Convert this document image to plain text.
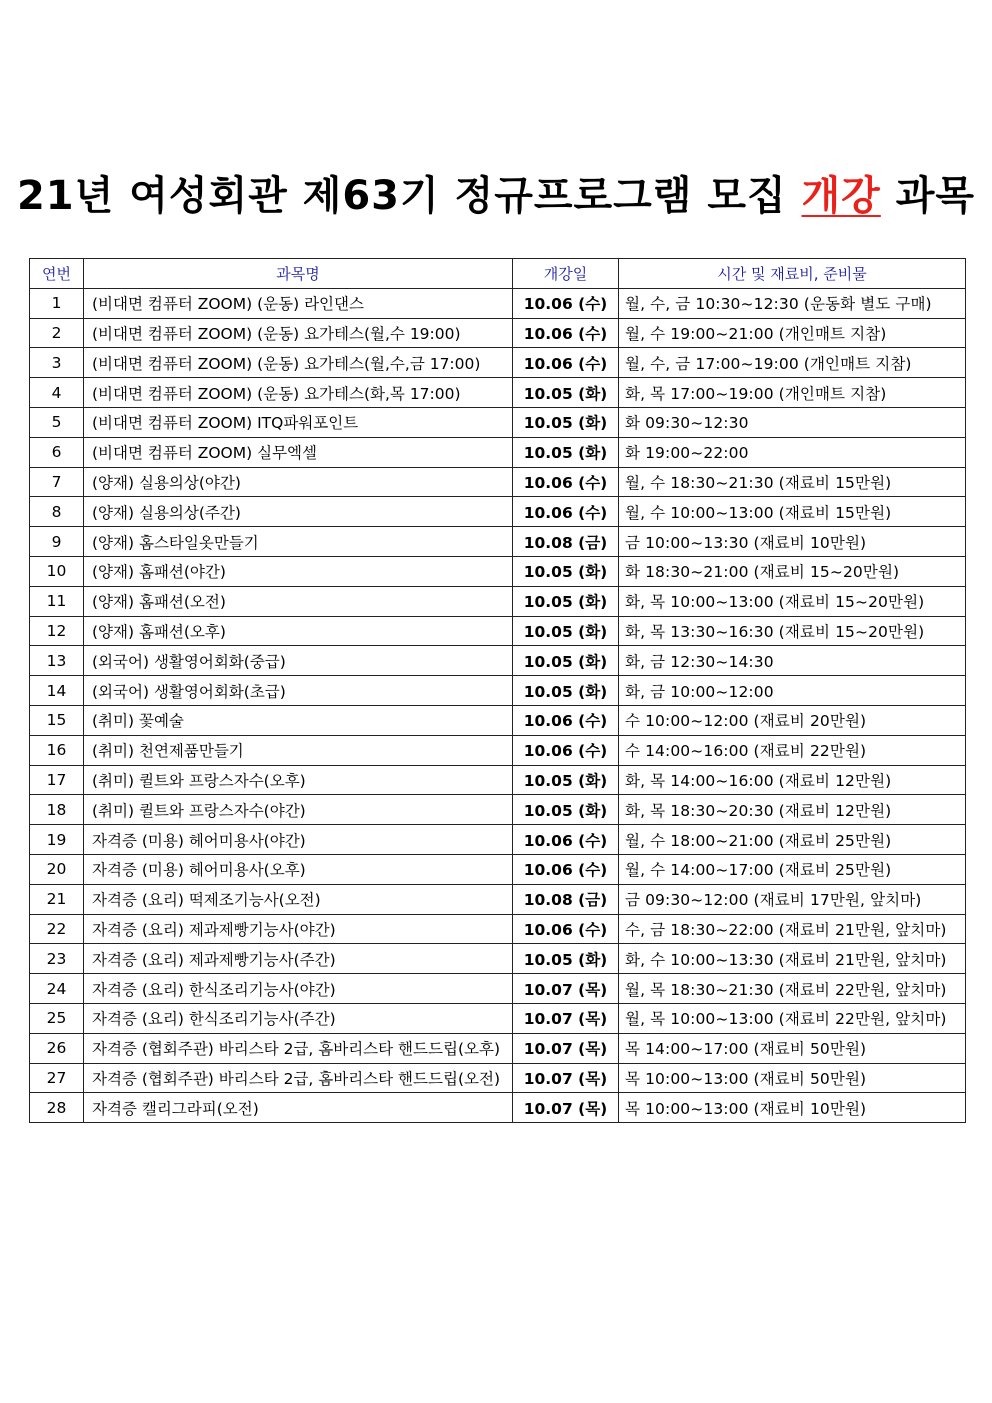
21년 여성회관 제63기 정규프로그램 모집 개강 과목
연번	과목명	개강일	시간 및 재료비, 준비물
1	(비대면 컴퓨터 ZOOM) (운동) 라인댄스	10.06 (수)	월, 수, 금 10:30~12:30 (운동화 별도 구매)
2	(비대면 컴퓨터 ZOOM) (운동) 요가테스(월,수 19:00)	10.06 (수)	월, 수 19:00~21:00 (개인매트 지참)
3	(비대면 컴퓨터 ZOOM) (운동) 요가테스(월,수,금 17:00)	10.06 (수)	월, 수, 금 17:00~19:00 (개인매트 지참)
4	(비대면 컴퓨터 ZOOM) (운동) 요가테스(화,목 17:00)	10.05 (화)	화, 목 17:00~19:00 (개인매트 지참)
5	(비대면 컴퓨터 ZOOM) ITQ파워포인트	10.05 (화)	화 09:30~12:30
6	(비대면 컴퓨터 ZOOM) 실무엑셀	10.05 (화)	화 19:00~22:00
7	(양재) 실용의상(야간)	10.06 (수)	월, 수 18:30~21:30 (재료비 15만원)
8	(양재) 실용의상(주간)	10.06 (수)	월, 수 10:00~13:00 (재료비 15만원)
9	(양재) 홈스타일옷만들기	10.08 (금)	금 10:00~13:30 (재료비 10만원)
10	(양재) 홈패션(야간)	10.05 (화)	화 18:30~21:00 (재료비 15~20만원)
11	(양재) 홈패션(오전)	10.05 (화)	화, 목 10:00~13:00 (재료비 15~20만원)
12	(양재) 홈패션(오후)	10.05 (화)	화, 목 13:30~16:30 (재료비 15~20만원)
13	(외국어) 생활영어회화(중급)	10.05 (화)	화, 금 12:30~14:30
14	(외국어) 생활영어회화(초급)	10.05 (화)	화, 금 10:00~12:00
15	(취미) 꽃예술	10.06 (수)	수 10:00~12:00 (재료비 20만원)
16	(취미) 천연제품만들기	10.06 (수)	수 14:00~16:00 (재료비 22만원)
17	(취미) 퀼트와 프랑스자수(오후)	10.05 (화)	화, 목 14:00~16:00 (재료비 12만원)
18	(취미) 퀼트와 프랑스자수(야간)	10.05 (화)	화, 목 18:30~20:30 (재료비 12만원)
19	자격증 (미용) 헤어미용사(야간)	10.06 (수)	월, 수 18:00~21:00 (재료비 25만원)
20	자격증 (미용) 헤어미용사(오후)	10.06 (수)	월, 수 14:00~17:00 (재료비 25만원)
21	자격증 (요리) 떡제조기능사(오전)	10.08 (금)	금 09:30~12:00 (재료비 17만원, 앞치마)
22	자격증 (요리) 제과제빵기능사(야간)	10.06 (수)	수, 금 18:30~22:00 (재료비 21만원, 앞치마)
23	자격증 (요리) 제과제빵기능사(주간)	10.05 (화)	화, 수 10:00~13:30 (재료비 21만원, 앞치마)
24	자격증 (요리) 한식조리기능사(야간)	10.07 (목)	월, 목 18:30~21:30 (재료비 22만원, 앞치마)
25	자격증 (요리) 한식조리기능사(주간)	10.07 (목)	월, 목 10:00~13:00 (재료비 22만원, 앞치마)
26	자격증 (협회주관) 바리스타 2급, 홈바리스타 핸드드립(오후)	10.07 (목)	목 14:00~17:00 (재료비 50만원)
27	자격증 (협회주관) 바리스타 2급, 홈바리스타 핸드드립(오전)	10.07 (목)	목 10:00~13:00 (재료비 50만원)
28	자격증 캘리그라피(오전)	10.07 (목)	목 10:00~13:00 (재료비 10만원)
